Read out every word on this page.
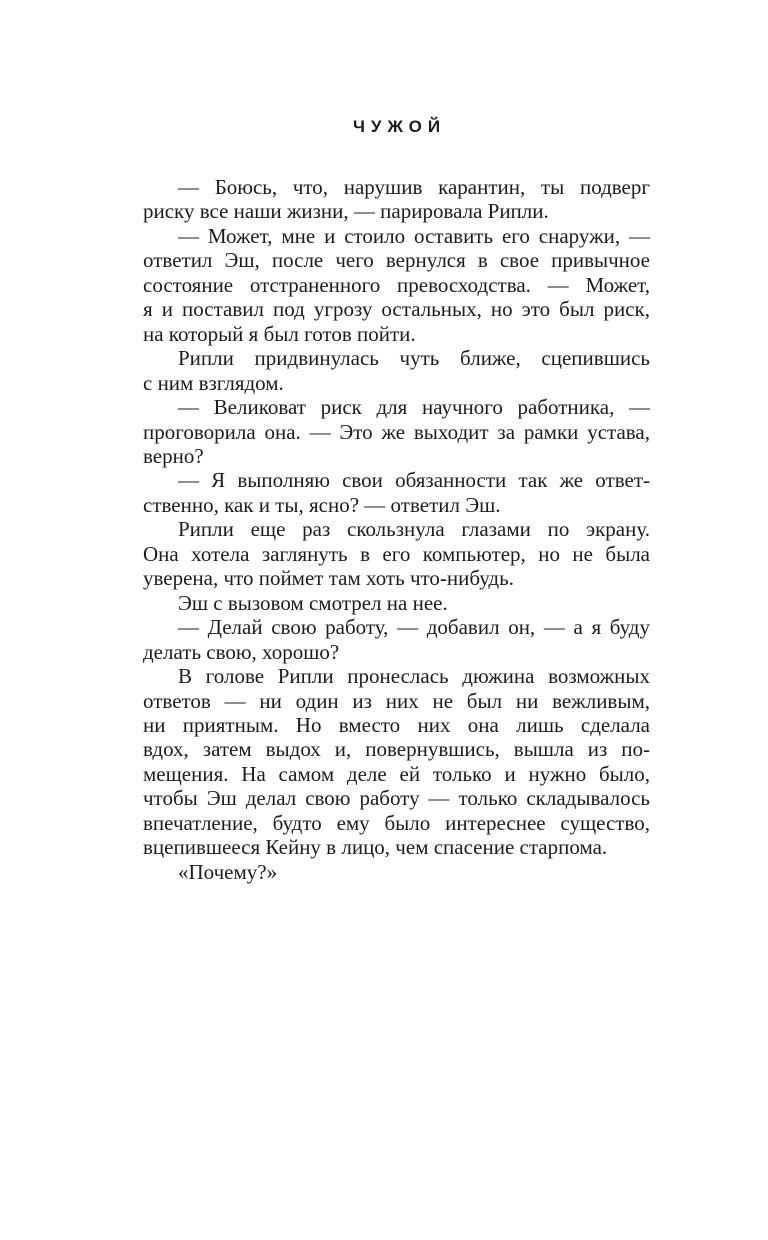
ЧУЖОЙ
— Боюсь, что, нарушив карантин, ты подверг
риску все наши жизни, — парировала Рипли.
— Может, мне и стоило оставить его снаружи, —
ответил Эш, после чего вернулся в свое привычное
состояние отстраненного превосходства. — Может,
я и поставил под угрозу остальных, но это был риск,
на который я был готов пойти.
Рипли придвинулась чуть ближе, сцепившись
с ним взглядом.
— Великоват риск для научного работника, —
проговорила она. — Это же выходит за рамки устава,
верно?
— Я выполняю свои обязанности так же ответ-
ственно, как и ты, ясно? — ответил Эш.
Рипли еще раз скользнула глазами по экрану.
Она хотела заглянуть в его компьютер, но не была
уверена, что поймет там хоть что-нибудь.
Эш с вызовом смотрел на нее.
— Делай свою работу, — добавил он, — а я буду
делать свою, хорошо?
В голове Рипли пронеслась дюжина возможных
ответов — ни один из них не был ни вежливым,
ни приятным. Но вместо них она лишь сделала
вдох, затем выдох и, повернувшись, вышла из по-
мещения. На самом деле ей только и нужно было,
чтобы Эш делал свою работу — только складывалось
впечатление, будто ему было интереснее существо,
вцепившееся Кейну в лицо, чем спасение старпома.
«Почему?»
